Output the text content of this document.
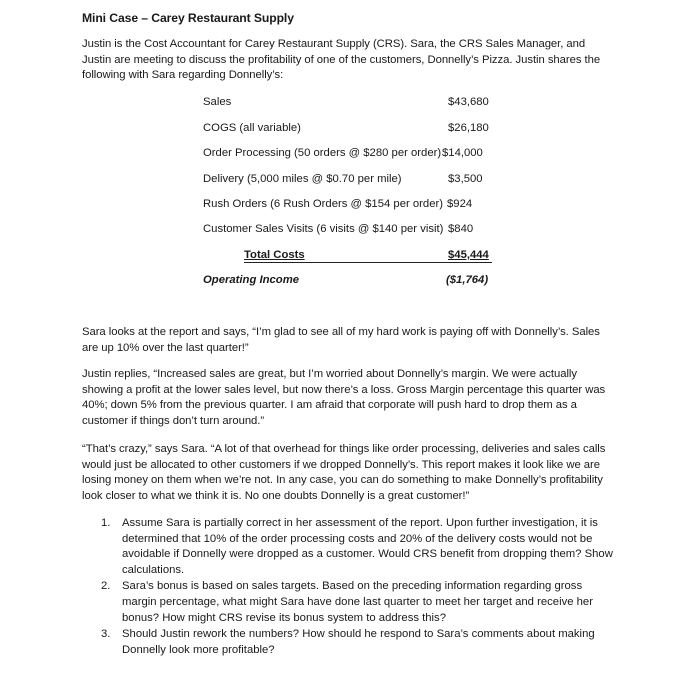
Mini Case – Carey Restaurant Supply

Justin is the Cost Accountant for Carey Restaurant Supply (CRS). Sara, the CRS Sales Manager, and Justin are meeting to discuss the profitability of one of the customers, Donnelly’s Pizza. Justin shares the following with Sara regarding Donnelly’s:

Sales	$43,680
COGS (all variable)	$26,180
Order Processing (50 orders @ $280 per order) $14,000
Delivery (5,000 miles @ $0.70 per mile)	$3,500
Rush Orders (6 Rush Orders @ $154 per order) $924
Customer Sales Visits (6 visits @ $140 per visit) $840
Total Costs	$45,444
Operating Income	($1,764)

Sara looks at the report and says, “I’m glad to see all of my hard work is paying off with Donnelly’s. Sales are up 10% over the last quarter!”

Justin replies, “Increased sales are great, but I’m worried about Donnelly’s margin. We were actually showing a profit at the lower sales level, but now there’s a loss. Gross Margin percentage this quarter was 40%; down 5% from the previous quarter. I am afraid that corporate will push hard to drop them as a customer if things don’t turn around.”

“That’s crazy,” says Sara. “A lot of that overhead for things like order processing, deliveries and sales calls would just be allocated to other customers if we dropped Donnelly’s. This report makes it look like we are losing money on them when we’re not. In any case, you can do something to make Donnelly’s profitability look closer to what we think it is. No one doubts Donnelly is a great customer!”

1. Assume Sara is partially correct in her assessment of the report. Upon further investigation, it is determined that 10% of the order processing costs and 20% of the delivery costs would not be avoidable if Donnelly were dropped as a customer. Would CRS benefit from dropping them? Show calculations.
2. Sara’s bonus is based on sales targets. Based on the preceding information regarding gross margin percentage, what might Sara have done last quarter to meet her target and receive her bonus? How might CRS revise its bonus system to address this?
3. Should Justin rework the numbers? How should he respond to Sara’s comments about making Donnelly look more profitable?
